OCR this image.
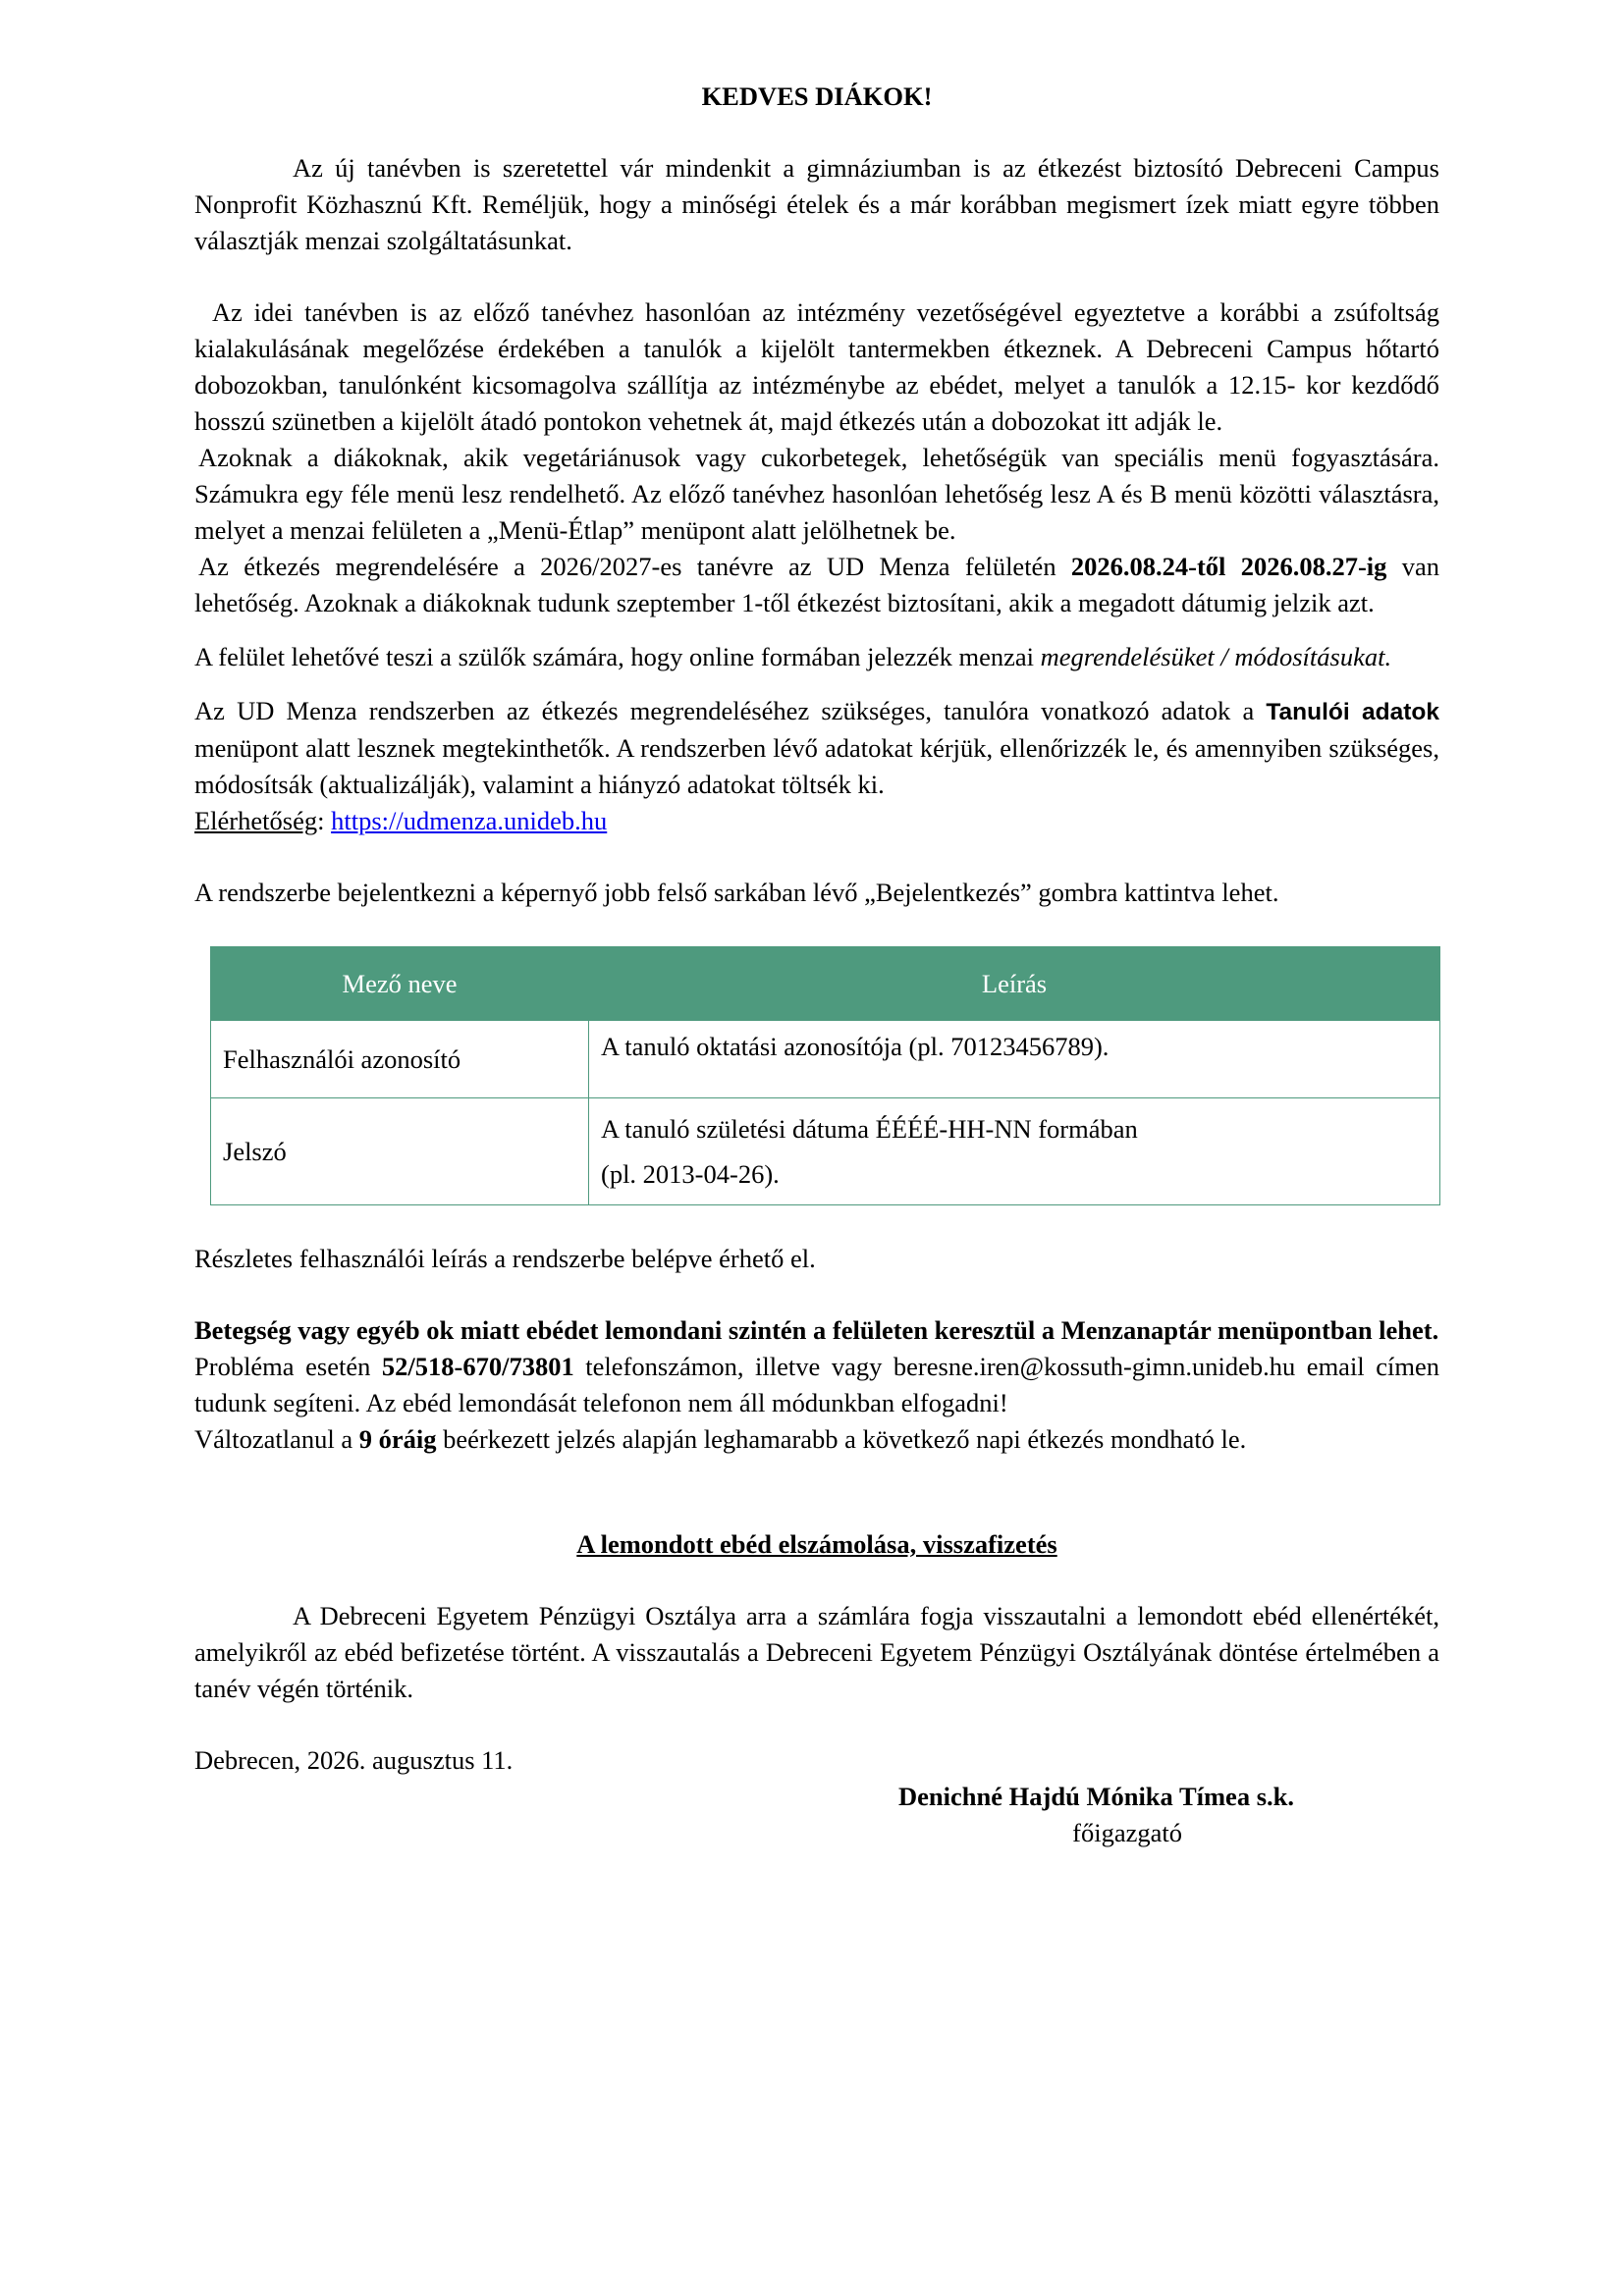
KEDVES DIÁKOK!

Az új tanévben is szeretettel vár mindenkit a gimnáziumban is az étkezést biztosító Debreceni Campus Nonprofit Közhasznú Kft. Reméljük, hogy a minőségi ételek és a már korábban megismert ízek miatt egyre többen választják menzai szolgáltatásunkat.

Az idei tanévben is az előző tanévhez hasonlóan az intézmény vezetőségével egyeztetve a korábbi a zsúfoltság kialakulásának megelőzése érdekében a tanulók a kijelölt tantermekben étkeznek. A Debreceni Campus hőtartó dobozokban, tanulónként kicsomagolva szállítja az intézménybe az ebédet, melyet a tanulók a 12.15- kor kezdődő hosszú szünetben a kijelölt átadó pontokon vehetnek át, majd étkezés után a dobozokat itt adják le.

Azoknak a diákoknak, akik vegetáriánusok vagy cukorbetegek, lehetőségük van speciális menü fogyasztására. Számukra egy féle menü lesz rendelhető. Az előző tanévhez hasonlóan lehetőség lesz A és B menü közötti választásra, melyet a menzai felületen a „Menü-Étlap” menüpont alatt jelölhetnek be.

Az étkezés megrendelésére a 2026/2027-es tanévre az UD Menza felületén 2026.08.24-től 2026.08.27-ig van lehetőség. Azoknak a diákoknak tudunk szeptember 1-től étkezést biztosítani, akik a megadott dátumig jelzik azt.

A felület lehetővé teszi a szülők számára, hogy online formában jelezzék menzai megrendelésüket / módosításukat.

Az UD Menza rendszerben az étkezés megrendeléséhez szükséges, tanulóra vonatkozó adatok a Tanulói adatok menüpont alatt lesznek megtekinthetők. A rendszerben lévő adatokat kérjük, ellenőrizzék le, és amennyiben szükséges, módosítsák (aktualizálják), valamint a hiányzó adatokat töltsék ki.

Elérhetőség: https://udmenza.unideb.hu

A rendszerbe bejelentkezni a képernyő jobb felső sarkában lévő „Bejelentkezés” gombra kattintva lehet.

Mező neve	Leírás
Felhasználói azonosító	A tanuló oktatási azonosítója (pl. 70123456789).
Jelszó	A tanuló születési dátuma ÉÉÉÉ-HH-NN formában
(pl. 2013-04-26).

Részletes felhasználói leírás a rendszerbe belépve érhető el.

Betegség vagy egyéb ok miatt ebédet lemondani szintén a felületen keresztül a Menzanaptár menüpontban lehet.

Probléma esetén 52/518-670/73801 telefonszámon, illetve vagy beresne.iren@kossuth-gimn.unideb.hu email címen tudunk segíteni. Az ebéd lemondását telefonon nem áll módunkban elfogadni!

Változatlanul a 9 óráig beérkezett jelzés alapján leghamarabb a következő napi étkezés mondható le.

A lemondott ebéd elszámolása, visszafizetés

A Debreceni Egyetem Pénzügyi Osztálya arra a számlára fogja visszautalni a lemondott ebéd ellenértékét, amelyikről az ebéd befizetése történt. A visszautalás a Debreceni Egyetem Pénzügyi Osztályának döntése értelmében a tanév végén történik.

Debrecen, 2026. augusztus 11.

Denichné Hajdú Mónika Tímea s.k.
főigazgató
